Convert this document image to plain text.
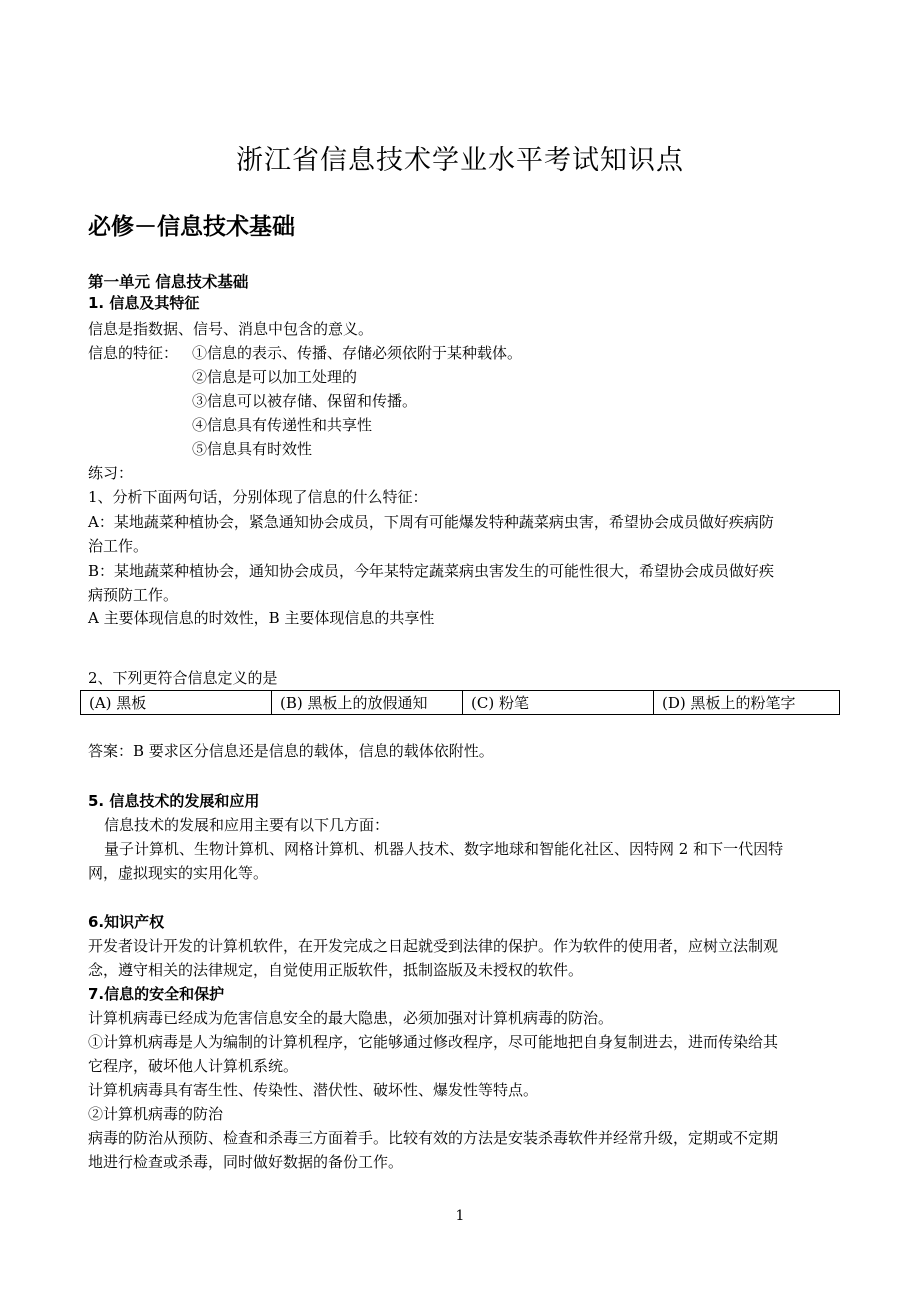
浙江省信息技术学业水平考试知识点
必修－信息技术基础
第一单元 信息技术基础
1. 信息及其特征
信息是指数据、信号、消息中包含的意义。
信息的特征： ①信息的表示、传播、存储必须依附于某种载体。
②信息是可以加工处理的
③信息可以被存储、保留和传播。
④信息具有传递性和共享性
⑤信息具有时效性
练习：
1、分析下面两句话，分别体现了信息的什么特征：
A：某地蔬菜种植协会，紧急通知协会成员，下周有可能爆发特种蔬菜病虫害，希望协会成员做好疾病防
治工作。
B：某地蔬菜种植协会，通知协会成员，今年某特定蔬菜病虫害发生的可能性很大，希望协会成员做好疾
病预防工作。
A 主要体现信息的时效性，B 主要体现信息的共享性
2、下列更符合信息定义的是
(A) 黑板	(B) 黑板上的放假通知	(C) 粉笔	(D) 黑板上的粉笔字
答案：B 要求区分信息还是信息的载体，信息的载体依附性。
5. 信息技术的发展和应用
信息技术的发展和应用主要有以下几方面：
量子计算机、生物计算机、网格计算机、机器人技术、数字地球和智能化社区、因特网 2 和下一代因特
网，虚拟现实的实用化等。
6.知识产权
开发者设计开发的计算机软件，在开发完成之日起就受到法律的保护。作为软件的使用者，应树立法制观
念，遵守相关的法律规定，自觉使用正版软件，抵制盗版及未授权的软件。
7.信息的安全和保护
计算机病毒已经成为危害信息安全的最大隐患，必须加强对计算机病毒的防治。
①计算机病毒是人为编制的计算机程序，它能够通过修改程序，尽可能地把自身复制进去，进而传染给其
它程序，破坏他人计算机系统。
计算机病毒具有寄生性、传染性、潜伏性、破坏性、爆发性等特点。
②计算机病毒的防治
病毒的防治从预防、检查和杀毒三方面着手。比较有效的方法是安装杀毒软件并经常升级，定期或不定期
地进行检查或杀毒，同时做好数据的备份工作。
1
